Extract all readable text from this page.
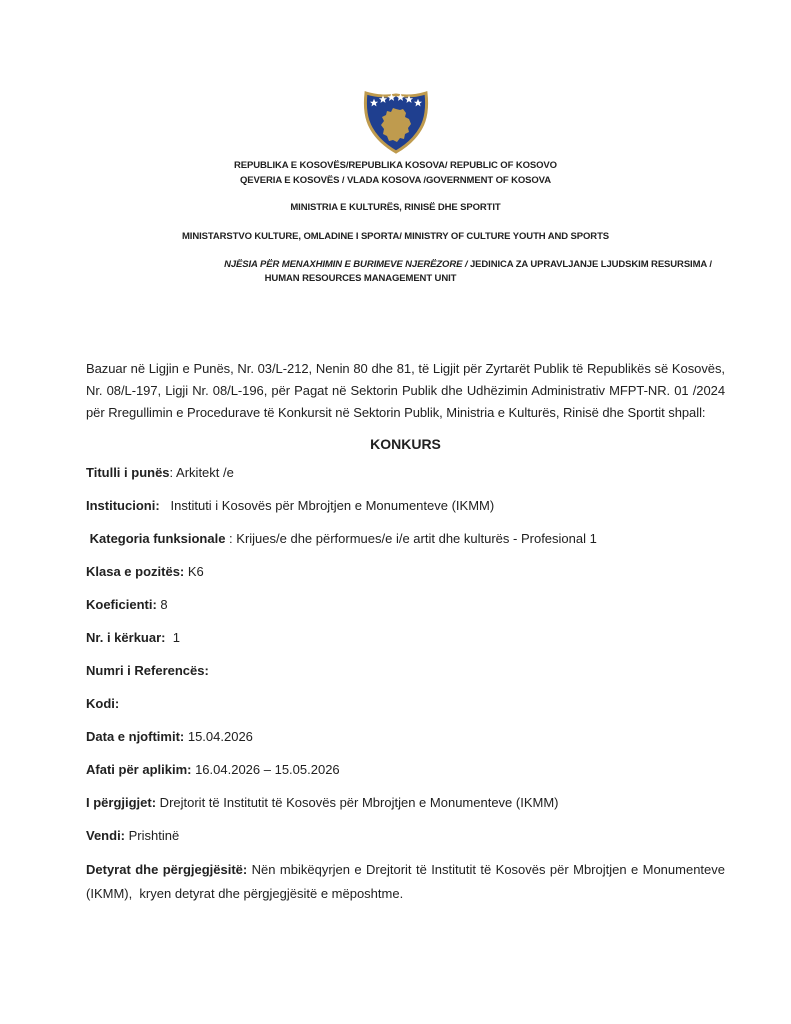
REPUBLIKA E KOSOVËS/REPUBLIKA KOSOVA/ REPUBLIC OF KOSOVO
QEVERIA E KOSOVËS / VLADA KOSOVA /GOVERNMENT OF KOSOVA
MINISTRIA E KULTURËS, RINISË DHE SPORTIT
MINISTARSTVO KULTURE, OMLADINE I SPORTA/ MINISTRY OF CULTURE YOUTH AND SPORTS
NJËSIA PËR MENAXHIMIN E BURIMEVE NJERËZORE / JEDINICA ZA UPRAVLJANJE LJUDSKIM RESURSIMA /
HUMAN RESOURCES MANAGEMENT UNIT

Bazuar në Ligjin e Punës, Nr. 03/L-212, Nenin 80 dhe 81, të Ligjit për Zyrtarët Publik të Republikës së Kosovës, Nr. 08/L-197, Ligji Nr. 08/L-196, për Pagat në Sektorin Publik dhe Udhëzimin Administrativ MFPT-NR. 01 /2024 për Rregullimin e Procedurave të Konkursit në Sektorin Publik, Ministria e Kulturës, Rinisë dhe Sportit shpall:

KONKURS

Titulli i punës: Arkitekt /e

Institucioni:   Instituti i Kosovës për Mbrojtjen e Monumenteve (IKMM)

Kategoria funksionale : Krijues/e dhe përformues/e i/e artit dhe kulturës - Profesional 1

Klasa e pozitës: K6

Koeficienti: 8

Nr. i kërkuar:  1

Numri i Referencës:

Kodi:

Data e njoftimit: 15.04.2026

Afati për aplikim: 16.04.2026 – 15.05.2026

I përgjigjet: Drejtorit të Institutit të Kosovës për Mbrojtjen e Monumenteve (IKMM)

Vendi: Prishtinë

Detyrat dhe përgjegjësitë: Nën mbikëqyrjen e Drejtorit të Institutit të Kosovës për Mbrojtjen e Monumenteve (IKMM),  kryen detyrat dhe përgjegjësitë e mëposhtme.
